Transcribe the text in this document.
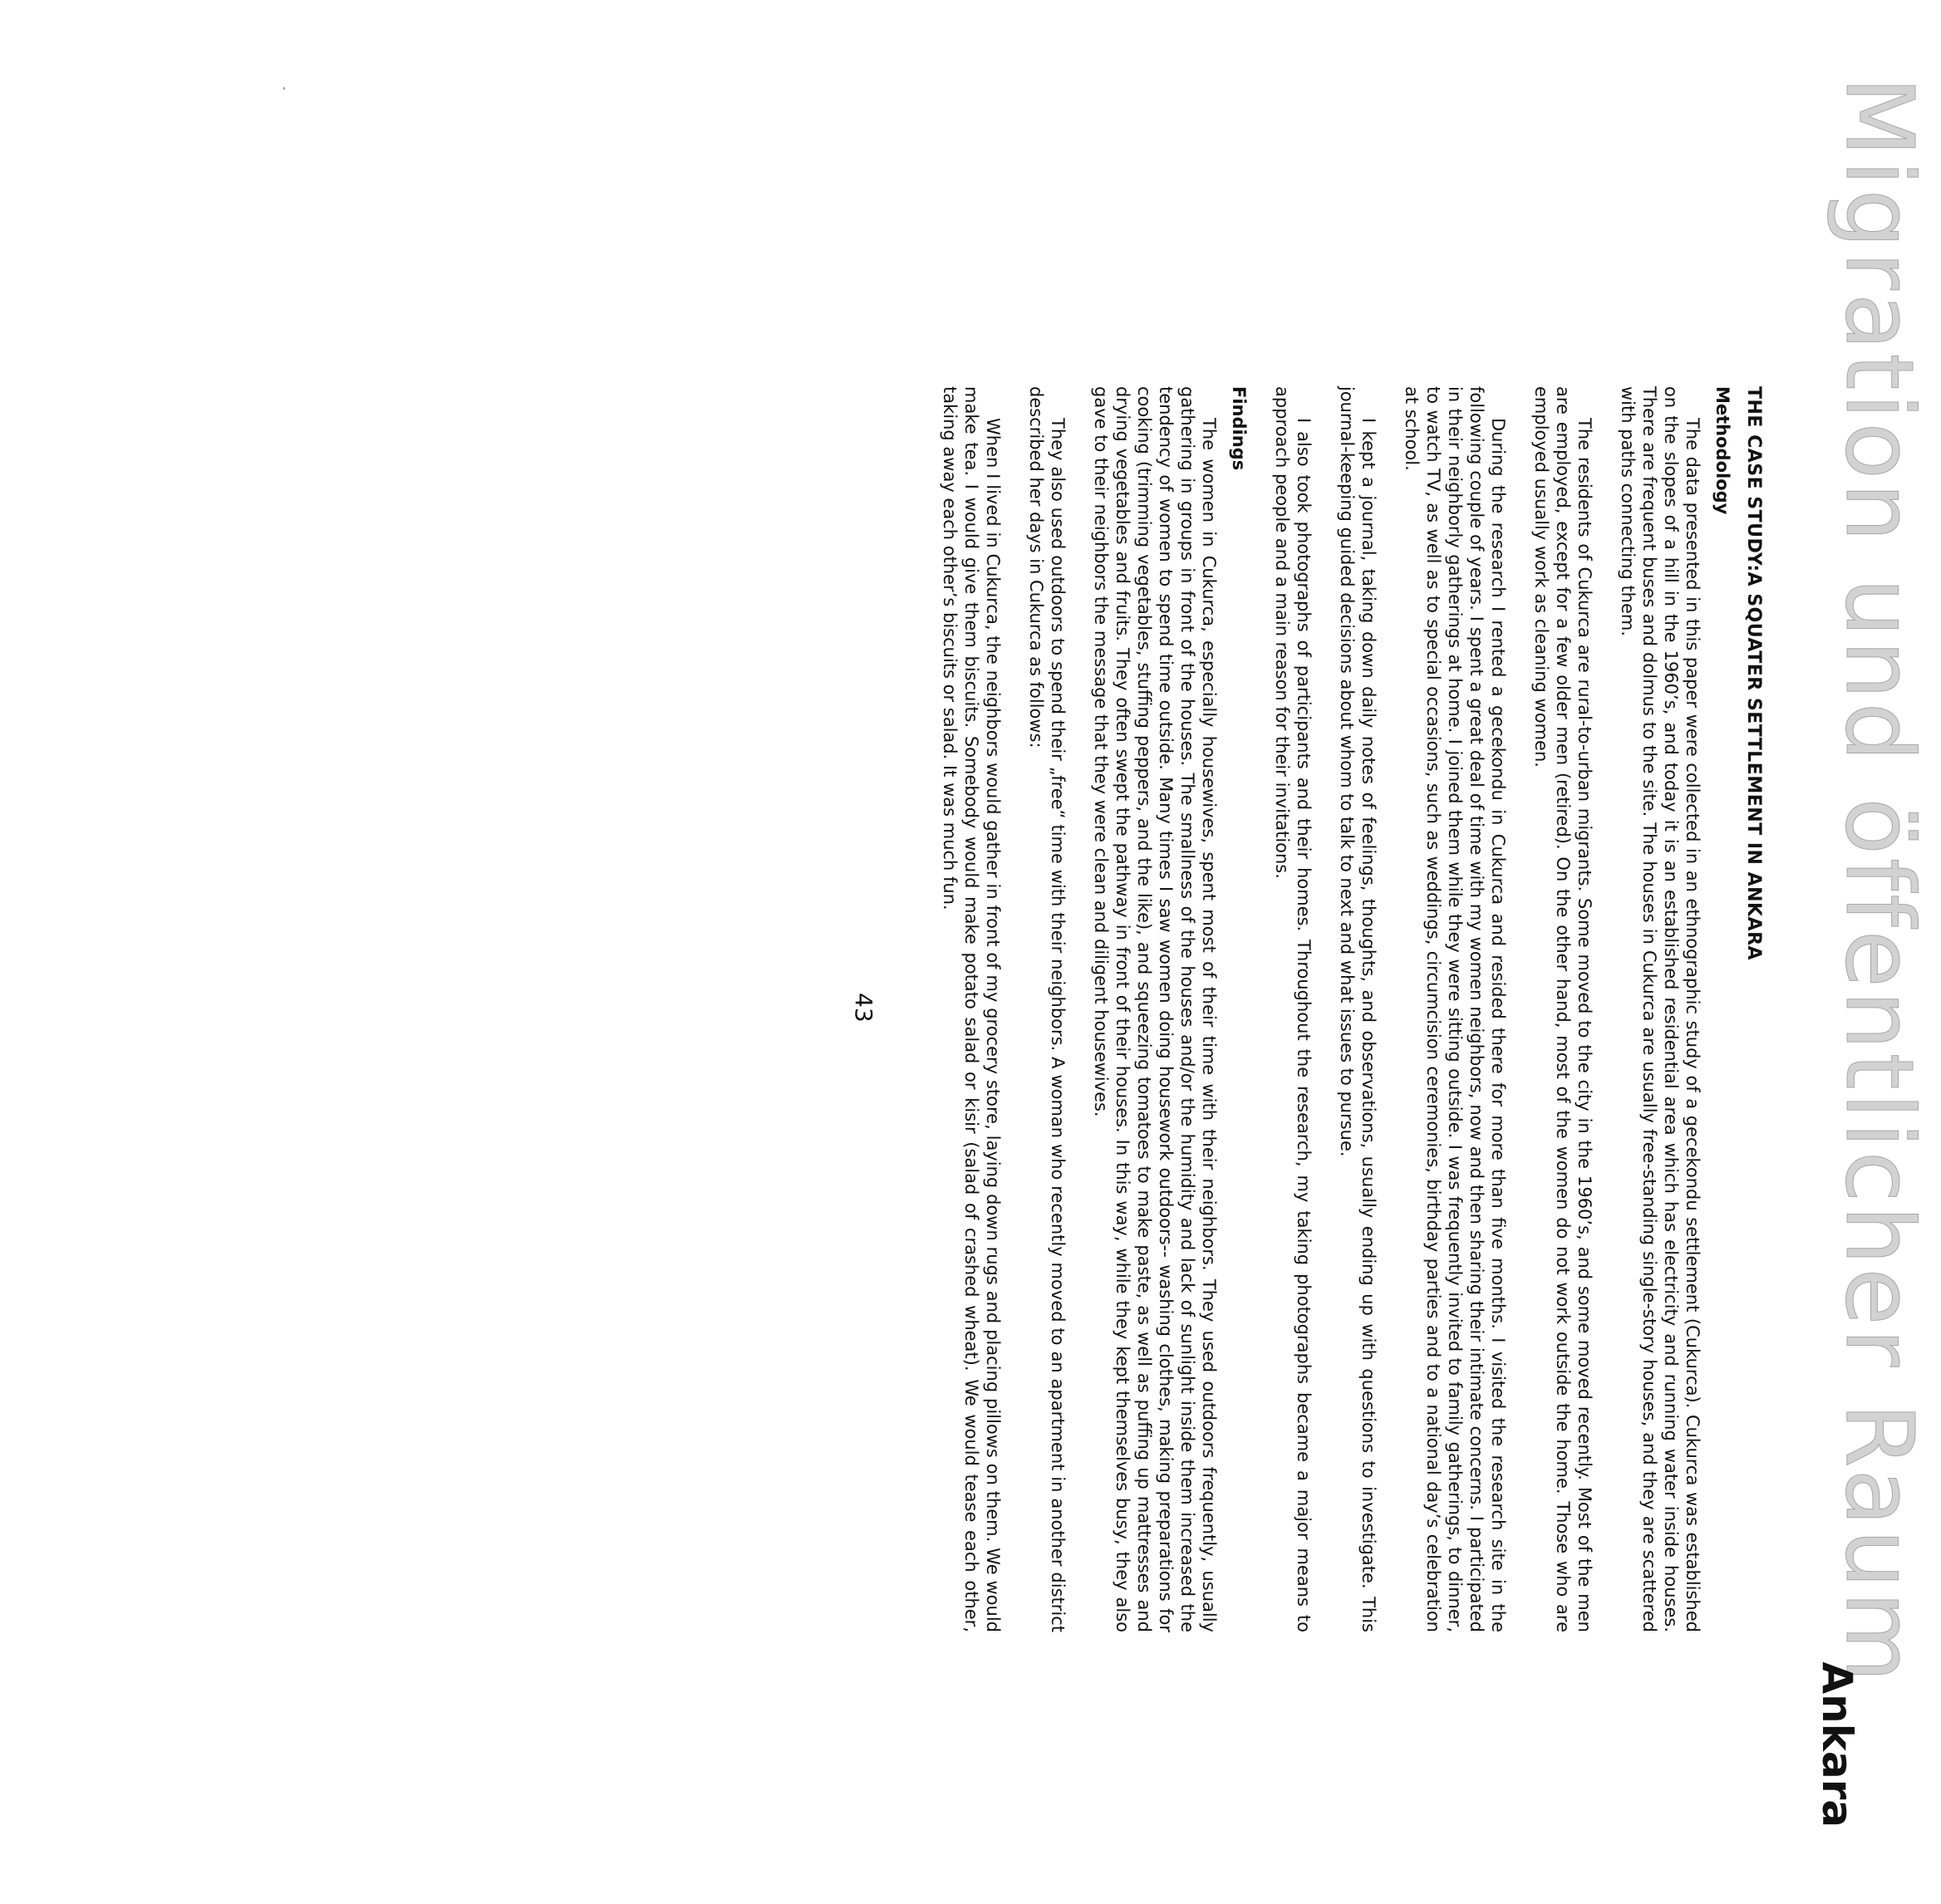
Migration und öffentlicher Raum
Ankara
THE CASE STUDY:A SQUATER SETTLEMENT IN ANKARA
Methodology

The data presented in this paper were collected in an ethnographic study of a gecekondu settlement (Cukurca). Cukurca was established on the slopes of a hill in the 1960’s, and today it is an established residential area which has electricity and running water inside houses. There are frequent buses and dolmus to the site. The houses in Cukurca are usually free-standing single-story houses, and they are scattered with paths connecting them.

The residents of Cukurca are rural-to-urban migrants. Some moved to the city in the 1960’s, and some moved recently. Most of the men are employed, except for a few older men (retired). On the other hand, most of the women do not work outside the home. Those who are employed usually work as cleaning women.

During the research I rented a gecekondu in Cukurca and resided there for more than five months. I visited the research site in the following couple of years. I spent a great deal of time with my women neighbors, now and then sharing their intimate concerns. I participated in their neighborly gatherings at home. I joined them while they were sitting outside. I was frequently invited to family gatherings, to dinner, to watch TV, as well as to special occasions, such as weddings, circumcision ceremonies, birthday parties and to a national day’s celebration at school.

I kept a journal, taking down daily notes of feelings, thoughts, and observations, usually ending up with questions to investigate. This journal-keeping guided decisions about whom to talk to next and what issues to pursue.

I also took photographs of participants and their homes. Throughout the research, my taking photographs became a major means to approach people and a main reason for their invitations.

Findings

The women in Cukurca, especially housewives, spent most of their time with their neighbors. They used outdoors frequently, usually gathering in groups in front of the houses. The smallness of the houses and/or the humidity and lack of sunlight inside them increased the tendency of women to spend time outside. Many times I saw women doing housework outdoors-- washing clothes, making preparations for cooking (trimming vegetables, stuffing peppers, and the like), and squeezing tomatoes to make paste, as well as puffing up mattresses and drying vegetables and fruits. They often swept the pathway in front of their houses. In this way, while they kept themselves busy, they also gave to their neighbors the message that they were clean and diligent housewives.

They also used outdoors to spend their „free“ time with their neighbors. A woman who recently moved to an apartment in another district described her days in Cukurca as follows:

When I lived in Cukurca, the neighbors would gather in front of my grocery store, laying down rugs and placing pillows on them. We would make tea. I would give them biscuits. Somebody would make potato salad or kisir (salad of crashed wheat). We would tease each other, taking away each other’s biscuits or salad. It was much fun.

43
